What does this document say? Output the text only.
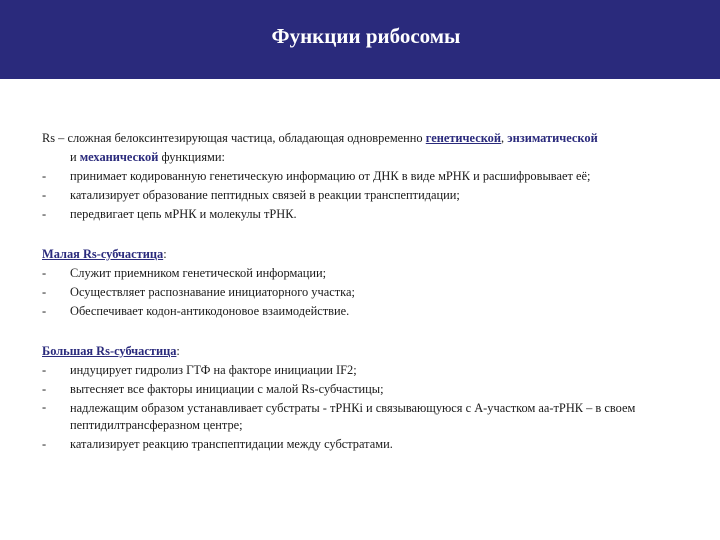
Функции рибосомы

Rs – сложная белоксинтезирующая частица, обладающая одновременно генетической, энзиматической
и механической функциями:

- принимает кодированную генетическую информацию от ДНК в виде мРНК и расшифровывает её;
- катализирует образование пептидных связей в реакции транспептидации;
- передвигает цепь мРНК и молекулы тРНК.

Малая Rs-субчастица:

- Служит приемником генетической информации;
- Осуществляет распознавание инициаторного участка;
- Обеспечивает кодон-антикодоновое взаимодействие.

Большая Rs-субчастица:

- индуцирует гидролиз ГТФ на факторе инициации IF2;
- вытесняет все факторы инициации с малой Rs-субчастицы;
- надлежащим образом устанавливает субстраты - тРНКi и связывающуюся с А-участком аа-тРНК – в своем пептидилтрансферазном центре;
- катализирует реакцию транспептидации между субстратами.
